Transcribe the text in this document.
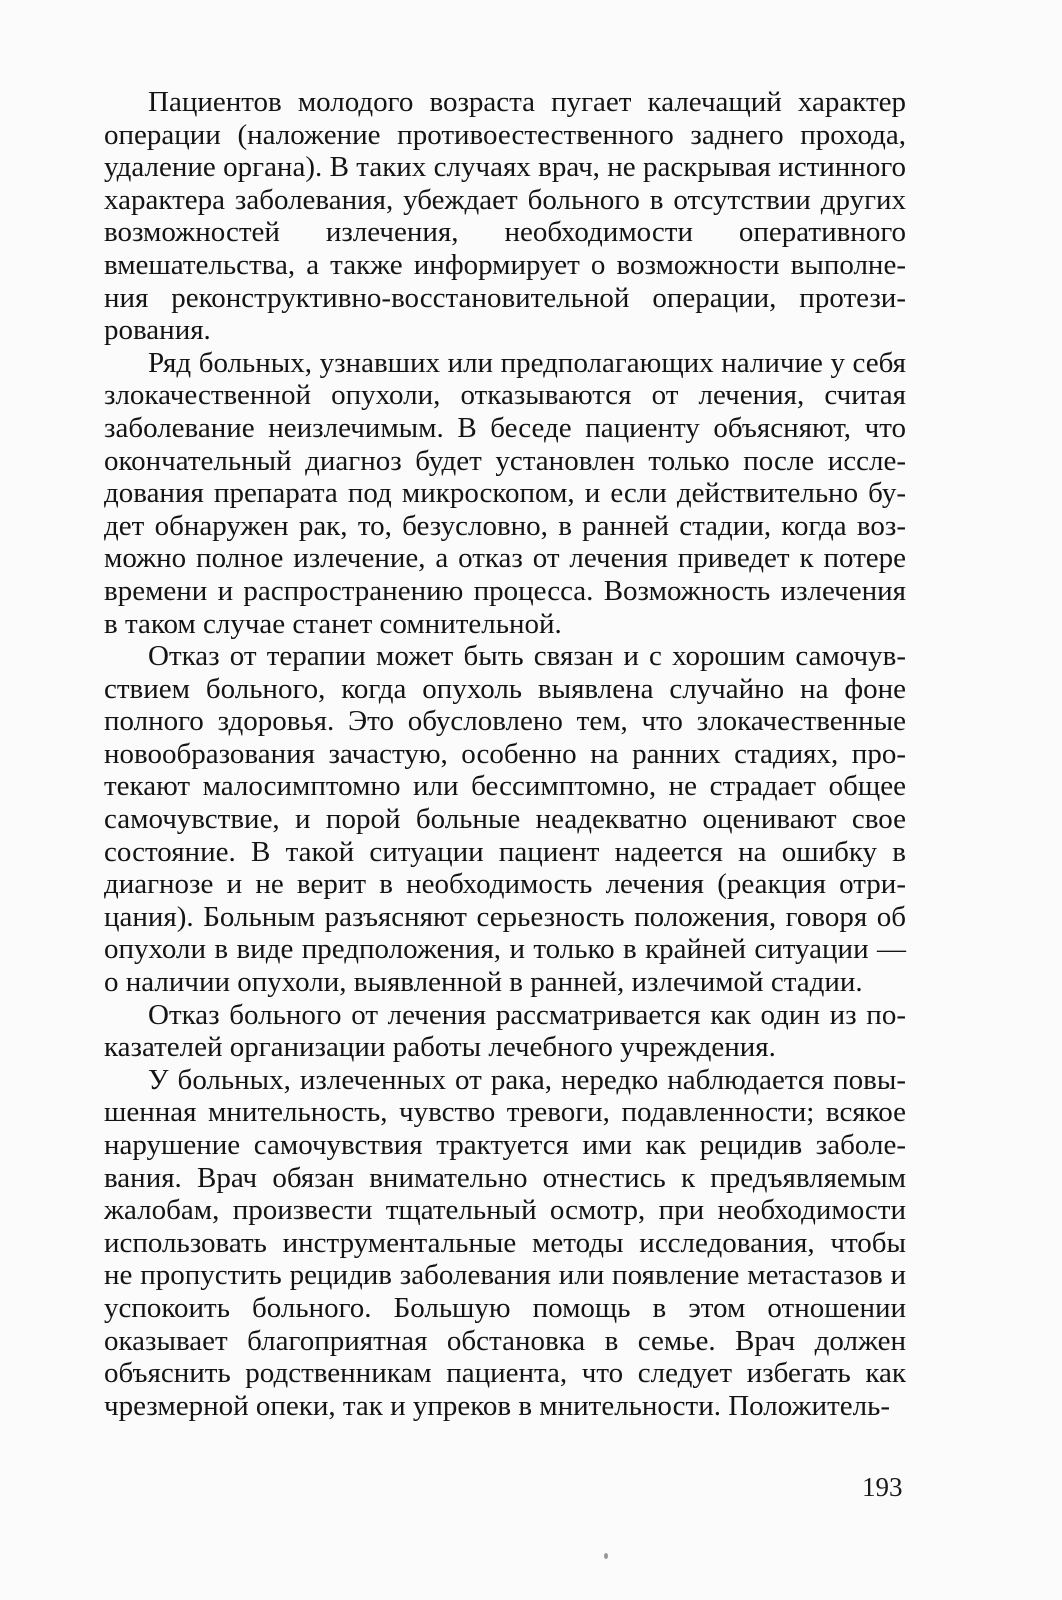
Пациентов молодого возраста пугает калечащий характер операции (наложение противоестественного заднего прохода, удаление органа). В таких случаях врач, не раскрывая истинного характера заболевания, убеждает больного в отсутствии других возможностей излечения, необходимости оперативного вмешательства, а также информирует о возможности выполнения реконструктивно-восстановительной операции, протезирования.

Ряд больных, узнавших или предполагающих наличие у себя злокачественной опухоли, отказываются от лечения, считая заболевание неизлечимым. В беседе пациенту объясняют, что окончательный диагноз будет установлен только после исследования препарата под микроскопом, и если действительно будет обнаружен рак, то, безусловно, в ранней стадии, когда возможно полное излечение, а отказ от лечения приведет к потере времени и распространению процесса. Возможность излечения в таком случае станет сомнительной.

Отказ от терапии может быть связан и с хорошим самочувствием больного, когда опухоль выявлена случайно на фоне полного здоровья. Это обусловлено тем, что злокачественные новообразования зачастую, особенно на ранних стадиях, протекают малосимптомно или бессимптомно, не страдает общее самочувствие, и порой больные неадекватно оценивают свое состояние. В такой ситуации пациент надеется на ошибку в диагнозе и не верит в необходимость лечения (реакция отрицания). Больным разъясняют серьезность положения, говоря об опухоли в виде предположения, и только в крайней ситуации — о наличии опухоли, выявленной в ранней, излечимой стадии.

Отказ больного от лечения рассматривается как один из показателей организации работы лечебного учреждения.

У больных, излеченных от рака, нередко наблюдается повышенная мнительность, чувство тревоги, подавленности; всякое нарушение самочувствия трактуется ими как рецидив заболевания. Врач обязан внимательно отнестись к предъявляемым жалобам, произвести тщательный осмотр, при необходимости использовать инструментальные методы исследования, чтобы не пропустить рецидив заболевания или появление метастазов и успокоить больного. Большую помощь в этом отношении оказывает благоприятная обстановка в семье. Врач должен объяснить родственникам пациента, что следует избегать как чрезмерной опеки, так и упреков в мнительности. Положитель-

193
